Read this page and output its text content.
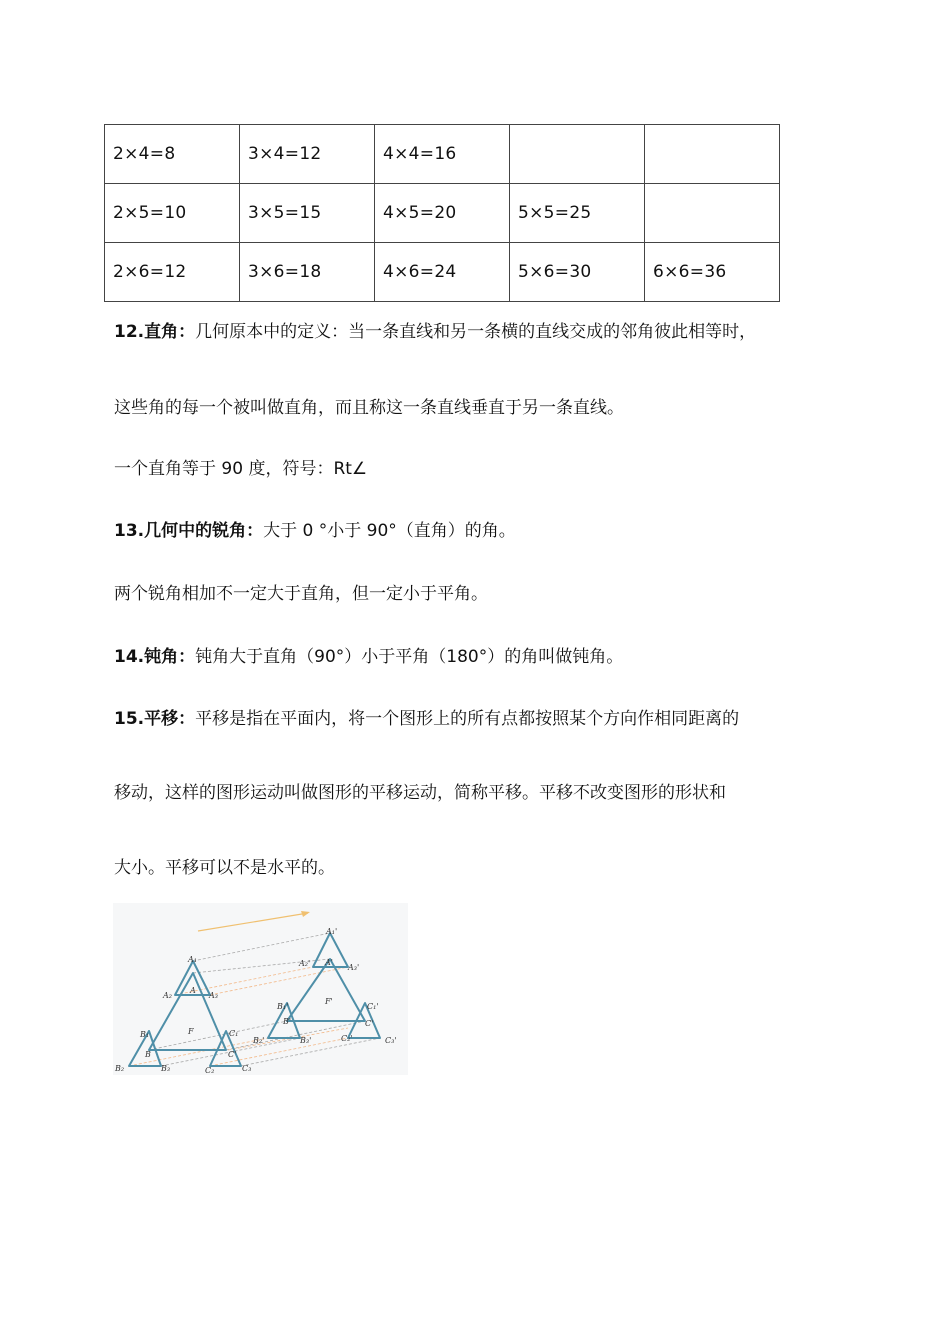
2×4=8	3×4=12	4×4=16		
2×5=10	3×5=15	4×5=20	5×5=25	
2×6=12	3×6=18	4×6=24	5×6=30	6×6=36

12.直角：几何原本中的定义：当一条直线和另一条横的直线交成的邻角彼此相等时，

这些角的每一个被叫做直角，而且称这一条直线垂直于另一条直线。

一个直角等于 90 度，符号：Rt∠

13.几何中的锐角：大于 0 °小于 90°（直角）的角。

两个锐角相加不一定大于直角，但一定小于平角。

14.钝角：钝角大于直角（90°）小于平角（180°）的角叫做钝角。

15.平移：平移是指在平面内，将一个图形上的所有点都按照某个方向作相同距离的

移动，这样的图形运动叫做图形的平移运动，简称平移。平移不改变图形的形状和

大小。平移可以不是水平的。

A₁
A₂
A
A₃
B₁
B
B₂	B₃
C₁
C'
C₂	C₃
F
A₁'
A₂' A'
A₃'
B₁'
B'
B₂'	B₃'
C₁'
C'
C₂'	C₃'
F'
